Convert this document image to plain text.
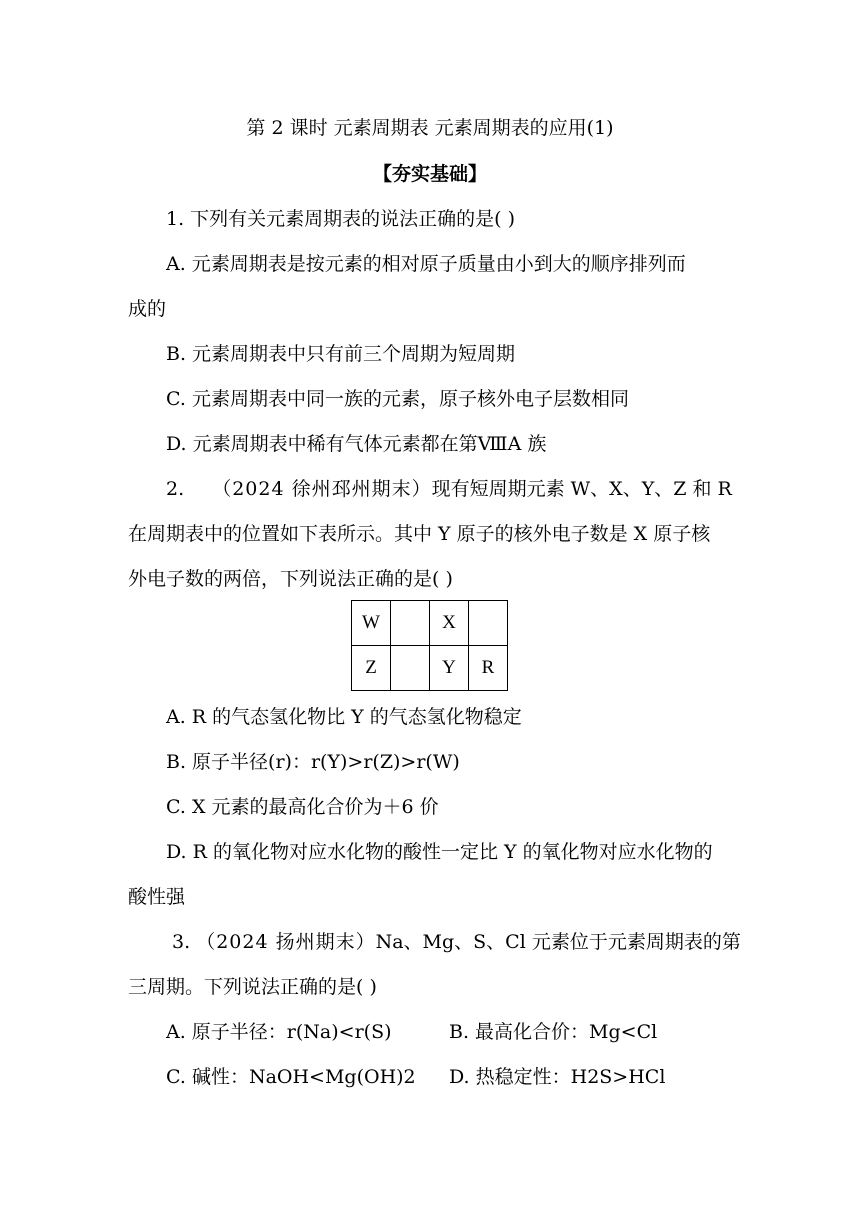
第 2 课时 元素周期表 元素周期表的应用(1)
【夯实基础】
1. 下列有关元素周期表的说法正确的是( )
A. 元素周期表是按元素的相对原子质量由小到大的顺序排列而
成的
B. 元素周期表中只有前三个周期为短周期
C. 元素周期表中同一族的元素，原子核外电子层数相同
D. 元素周期表中稀有气体元素都在第ⅧA 族
2. （2024 徐州邳州期末）现有短周期元素 W、X、Y、Z 和 R
在周期表中的位置如下表所示。其中 Y 原子的核外电子数是 X 原子核
外电子数的两倍，下列说法正确的是( )
W		X	
Z		Y	R
A. R 的气态氢化物比 Y 的气态氢化物稳定
B. 原子半径(r)：r(Y)>r(Z)>r(W)
C. X 元素的最高化合价为＋6 价
D. R 的氧化物对应水化物的酸性一定比 Y 的氧化物对应水化物的
酸性强
3. （2024 扬州期末）Na、Mg、S、Cl 元素位于元素周期表的第
三周期。下列说法正确的是( )
A. 原子半径：r(Na)<r(S)	B. 最高化合价：Mg<Cl
C. 碱性：NaOH<Mg(OH)2 D. 热稳定性：H2S>HCl
